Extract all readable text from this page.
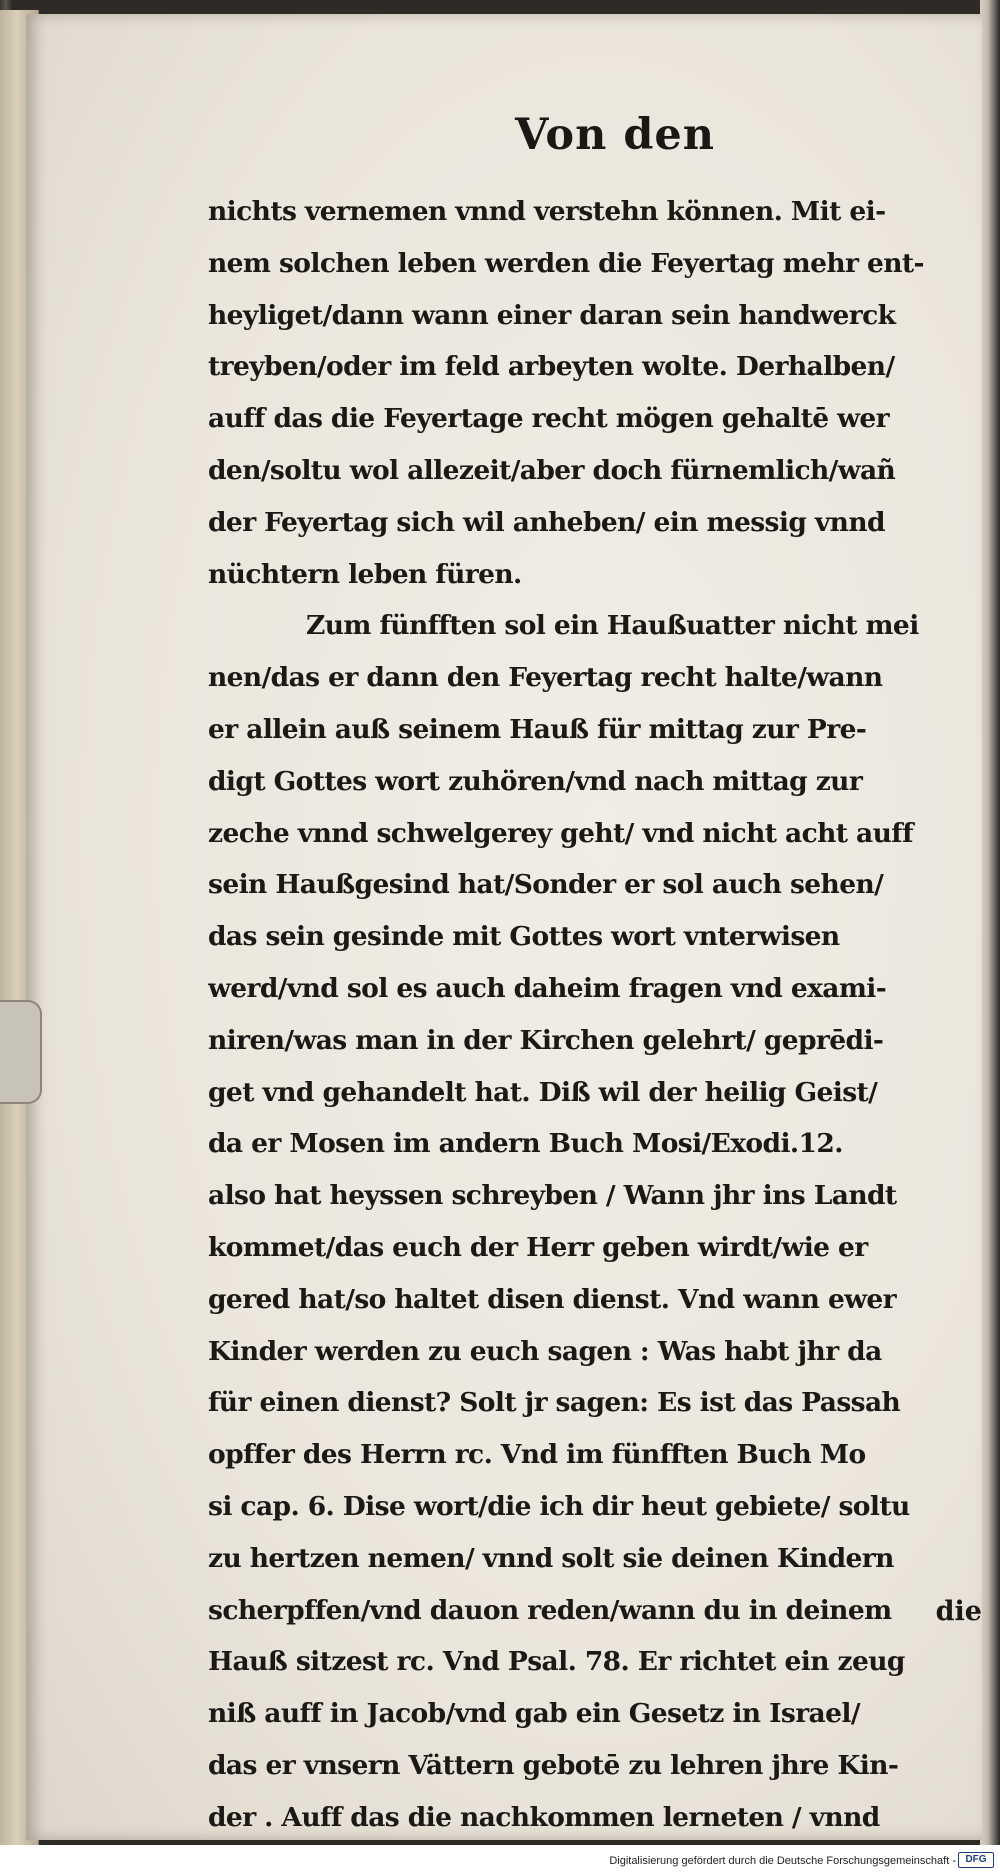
Von den
nichts vernemen vnnd verstehn können. Mit ei-
nem solchen leben werden die Feyertag mehr ent-
heyliget/dann wann einer daran sein handwerck
treyben/oder im feld arbeyten wolte. Derhalben/
auff das die Feyertage recht mögen gehaltē wer
den/soltu wol allezeit/aber doch fürnemlich/wañ
der Feyertag sich wil anheben/ ein messig vnnd
nüchtern leben füren.
Zum fünfften sol ein Haußuatter nicht mei
nen/das er dann den Feyertag recht halte/wann
er allein auß seinem Hauß für mittag zur Pre-
digt Gottes wort zuhören/vnd nach mittag zur
zeche vnnd schwelgerey geht/ vnd nicht acht auff
sein Haußgesind hat/Sonder er sol auch sehen/
das sein gesinde mit Gottes wort vnterwisen
werd/vnd sol es auch daheim fragen vnd exami-
niren/was man in der Kirchen gelehrt/ geprēdi-
get vnd gehandelt hat. Diß wil der heilig Geist/
da er Mosen im andern Buch Mosi/Exodi.12.
also hat heyssen schreyben / Wann jhr ins Landt
kommet/das euch der Herr geben wirdt/wie er
gered hat/so haltet disen dienst. Vnd wann ewer
Kinder werden zu euch sagen : Was habt jhr da
für einen dienst? Solt jr sagen: Es ist das Passah
opffer des Herrn rc. Vnd im fünfften Buch Mo
si cap. 6. Dise wort/die ich dir heut gebiete/ soltu
zu hertzen nemen/ vnnd solt sie deinen Kindern
scherpffen/vnd dauon reden/wann du in deinem
Hauß sitzest rc. Vnd Psal. 78. Er richtet ein zeug
niß auff in Jacob/vnd gab ein Gesetz in Israel/
das er vnsern Vättern gebotē zu lehren jhre Kin-
der . Auff das die nachkommen lerneten / vnnd
die
Digitalisierung gefördert durch die Deutsche Forschungsgemeinschaft - DFG
